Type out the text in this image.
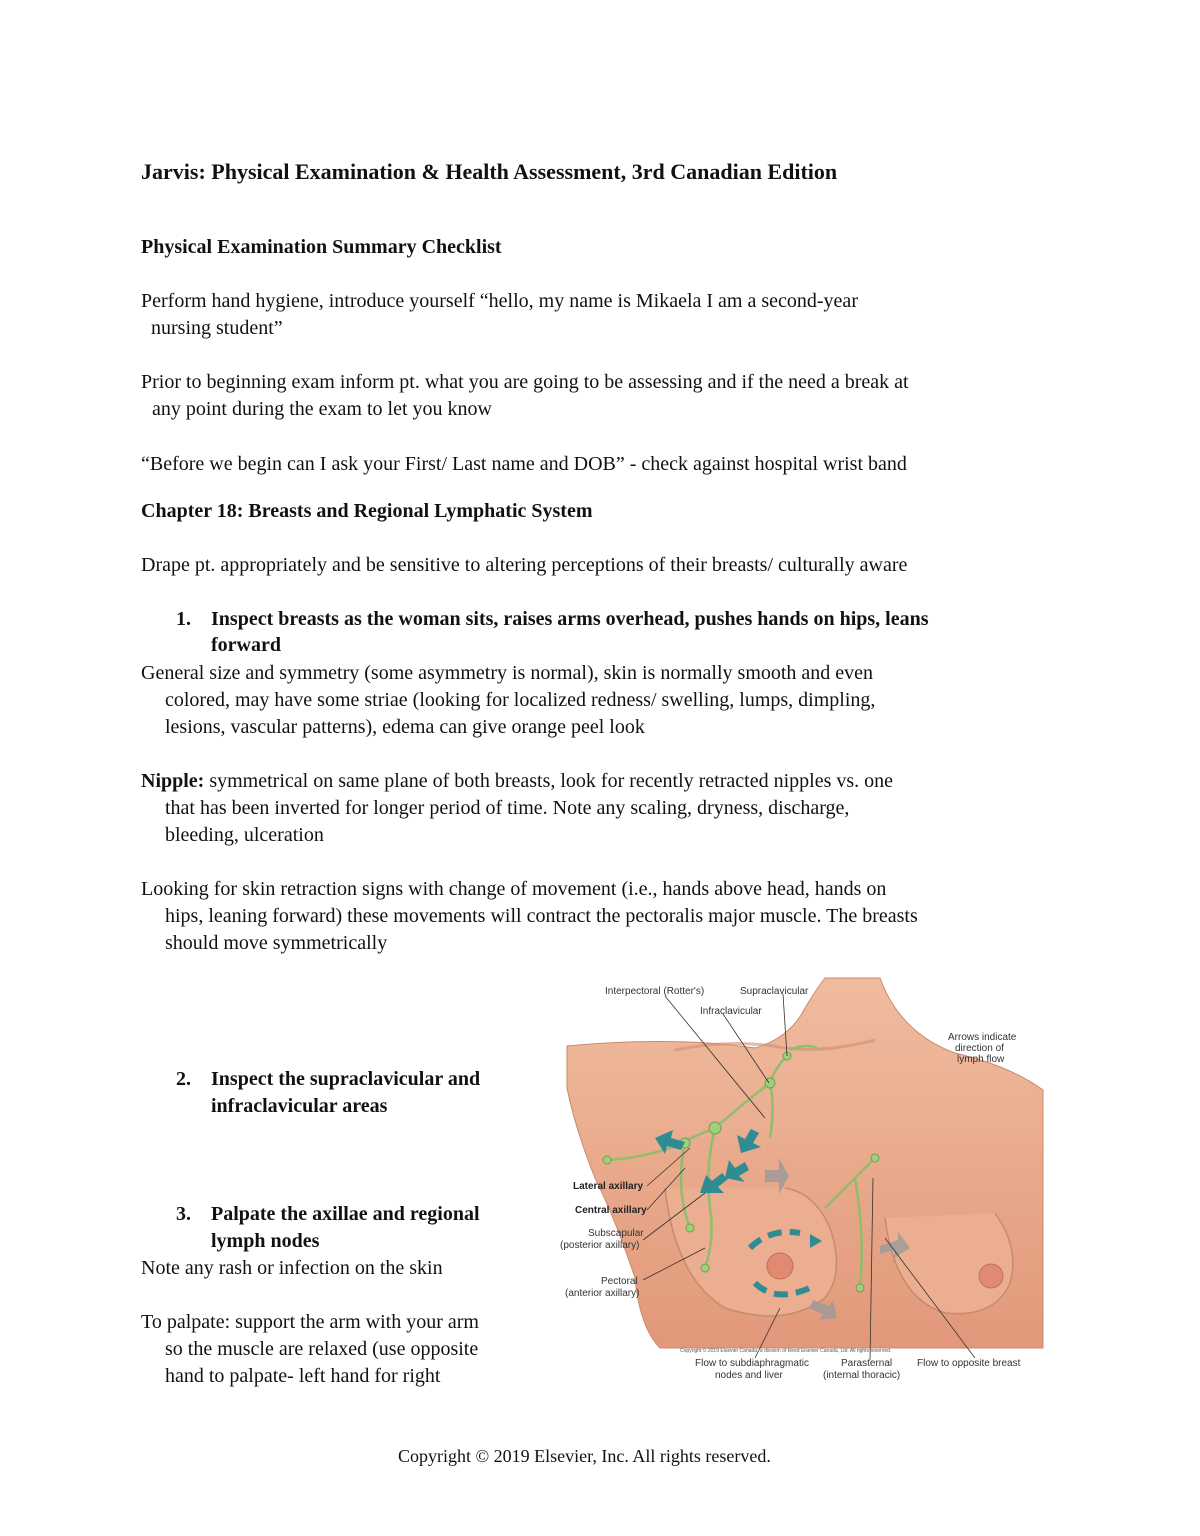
Jarvis: Physical Examination & Health Assessment, 3rd Canadian Edition

Physical Examination Summary Checklist

Perform hand hygiene, introduce yourself “hello, my name is Mikaela I am a second-year
nursing student”
Prior to beginning exam inform pt. what you are going to be assessing and if the need a break at
any point during the exam to let you know

“Before we begin can I ask your First/ Last name and DOB” - check against hospital wrist band

Chapter 18: Breasts and Regional Lymphatic System

Drape pt. appropriately and be sensitive to altering perceptions of their breasts/ culturally aware

1. Inspect breasts as the woman sits, raises arms overhead, pushes hands on hips, leans
forward
General size and symmetry (some asymmetry is normal), skin is normally smooth and even
colored, may have some striae (looking for localized redness/ swelling, lumps, dimpling,
lesions, vascular patterns), edema can give orange peel look
Nipple: symmetrical on same plane of both breasts, look for recently retracted nipples vs. one
that has been inverted for longer period of time. Note any scaling, dryness, discharge,
bleeding, ulceration
Looking for skin retraction signs with change of movement (i.e., hands above head, hands on
hips, leaning forward) these movements will contract the pectoralis major muscle. The breasts
should move symmetrically
2. Inspect the supraclavicular and
infraclavicular areas
3. Palpate the axillae and regional
lymph nodes

Note any rash or infection on the skin

To palpate: support the arm with your arm
so the muscle are relaxed (use opposite
hand to palpate- left hand for right
Interpectoral (Rotter's)	Supraclavicular
Infraclavicular
Arrows indicate
direction of
lymph flow
Lateral axillary
Central axillary
Subscapular
(posterior axillary)
Pectoral
(anterior axillary)
Flow to subdiaphragmatic
nodes and liver
Parasternal
(internal thoracic)
Flow to opposite breast
Copyright © 2019 Elsevier Canada, a division of Reed Elsevier Canada, Ltd. All rights reserved.

Copyright © 2019 Elsevier, Inc. All rights reserved.
